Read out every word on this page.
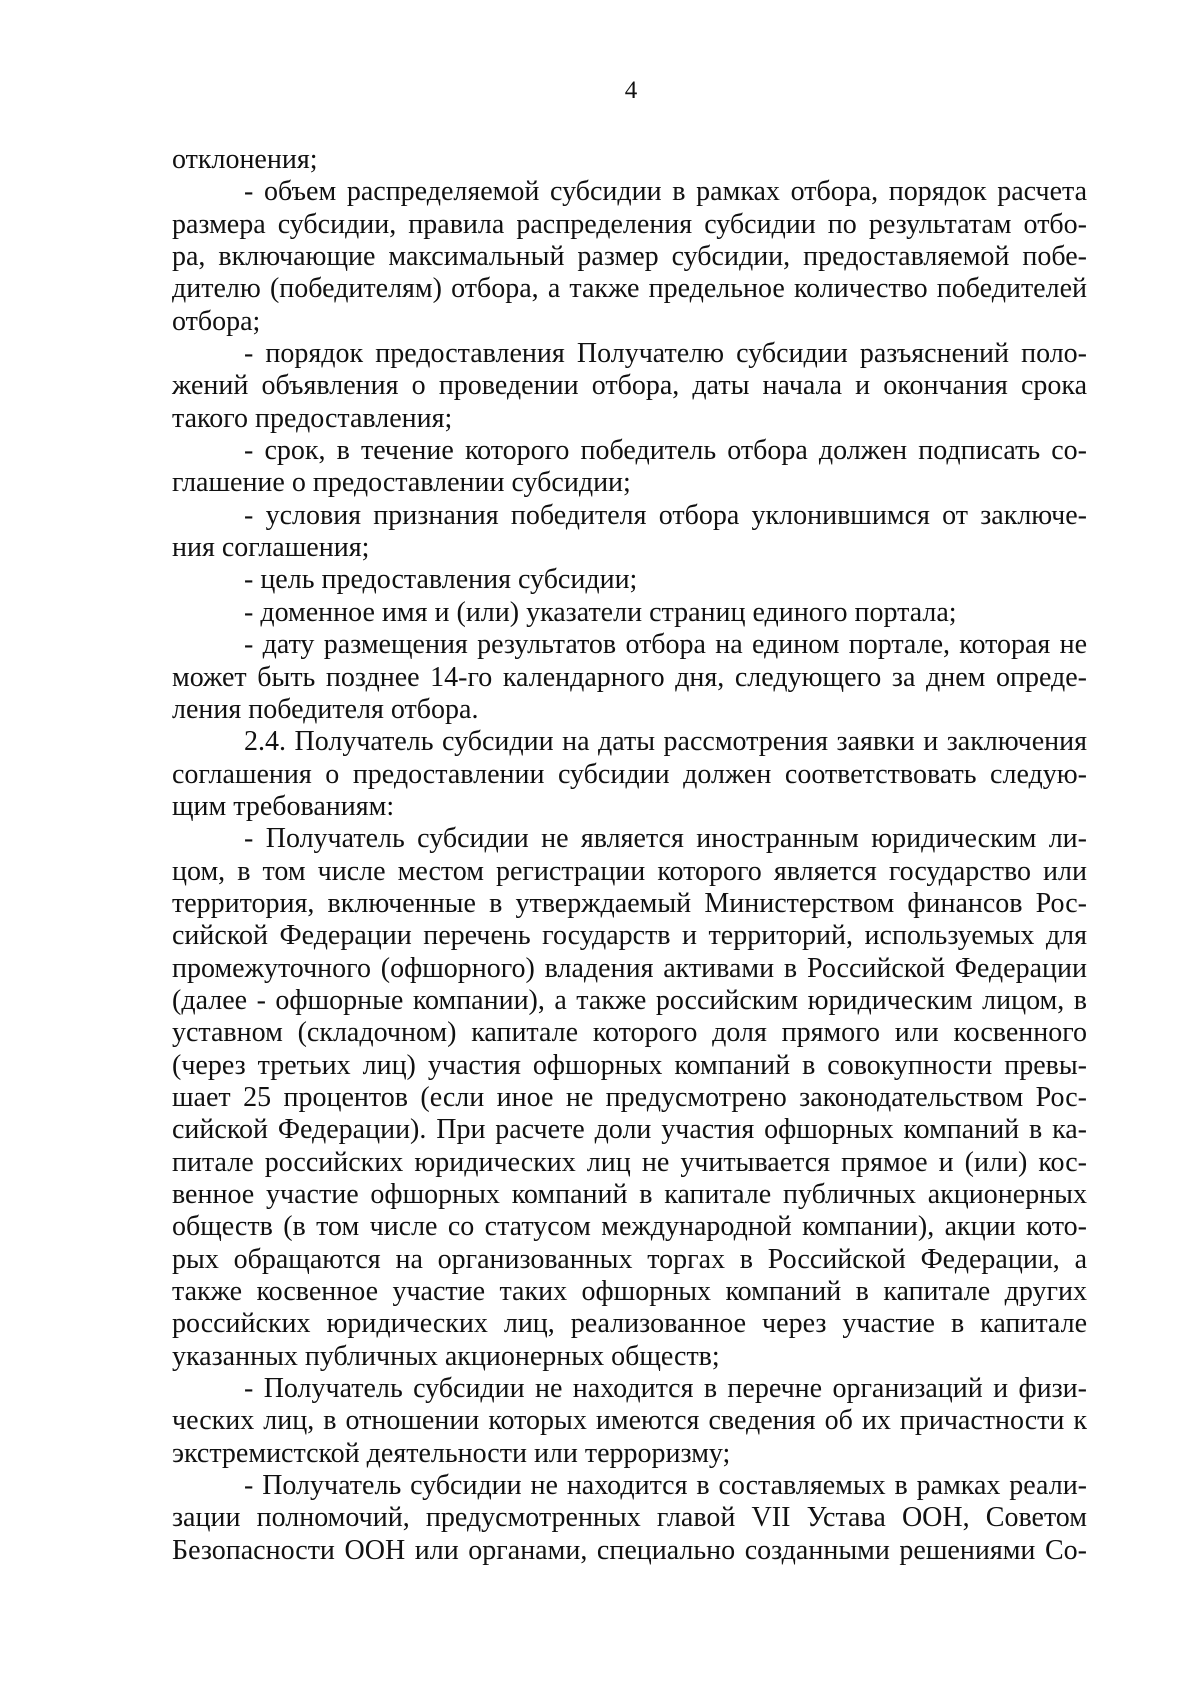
4
отклонения;
- объем распределяемой субсидии в рамках отбора, порядок расчета
размера субсидии, правила распределения субсидии по результатам отбо-
ра, включающие максимальный размер субсидии, предоставляемой побе-
дителю (победителям) отбора, а также предельное количество победителей
отбора;
- порядок предоставления Получателю субсидии разъяснений поло-
жений объявления о проведении отбора, даты начала и окончания срока
такого предоставления;
- срок, в течение которого победитель отбора должен подписать со-
глашение о предоставлении субсидии;
- условия признания победителя отбора уклонившимся от заключе-
ния соглашения;
- цель предоставления субсидии;
- доменное имя и (или) указатели страниц единого портала;
- дату размещения результатов отбора на едином портале, которая не
может быть позднее 14-го календарного дня, следующего за днем опреде-
ления победителя отбора.
2.4. Получатель субсидии на даты рассмотрения заявки и заключения
соглашения о предоставлении субсидии должен соответствовать следую-
щим требованиям:
- Получатель субсидии не является иностранным юридическим ли-
цом, в том числе местом регистрации которого является государство или
территория, включенные в утверждаемый Министерством финансов Рос-
сийской Федерации перечень государств и территорий, используемых для
промежуточного (офшорного) владения активами в Российской Федерации
(далее - офшорные компании), а также российским юридическим лицом, в
уставном (складочном) капитале которого доля прямого или косвенного
(через третьих лиц) участия офшорных компаний в совокупности превы-
шает 25 процентов (если иное не предусмотрено законодательством Рос-
сийской Федерации). При расчете доли участия офшорных компаний в ка-
питале российских юридических лиц не учитывается прямое и (или) кос-
венное участие офшорных компаний в капитале публичных акционерных
обществ (в том числе со статусом международной компании), акции кото-
рых обращаются на организованных торгах в Российской Федерации, а
также косвенное участие таких офшорных компаний в капитале других
российских юридических лиц, реализованное через участие в капитале
указанных публичных акционерных обществ;
- Получатель субсидии не находится в перечне организаций и физи-
ческих лиц, в отношении которых имеются сведения об их причастности к
экстремистской деятельности или терроризму;
- Получатель субсидии не находится в составляемых в рамках реали-
зации полномочий, предусмотренных главой VII Устава ООН, Советом
Безопасности ООН или органами, специально созданными решениями Со-
